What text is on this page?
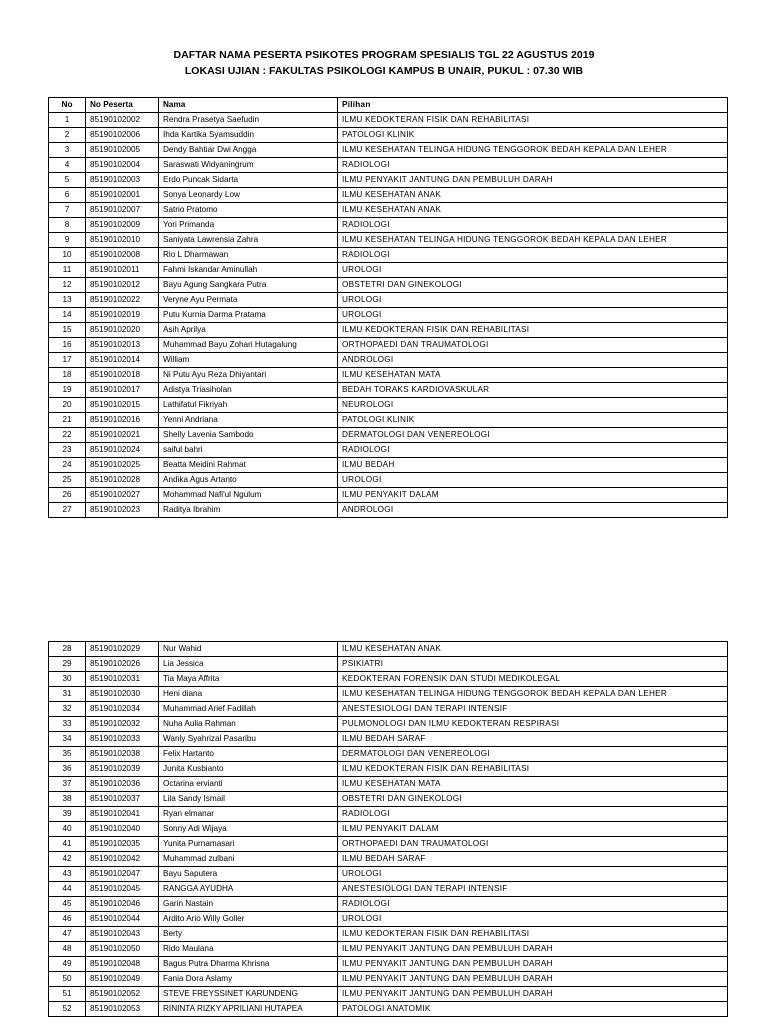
DAFTAR NAMA PESERTA PSIKOTES PROGRAM SPESIALIS TGL 22 AGUSTUS 2019
LOKASI UJIAN : FAKULTAS PSIKOLOGI KAMPUS B UNAIR, PUKUL : 07.30 WIB
No	No Peserta	Nama	Pilihan
1	85190102002	Rendra Prasetya Saefudin	ILMU KEDOKTERAN FISIK DAN REHABILITASI
2	85190102006	Ihda Kartika Syamsuddin	PATOLOGI KLINIK
3	85190102005	Dendy Bahtiar Dwi Angga	ILMU KESEHATAN TELINGA HIDUNG TENGGOROK BEDAH KEPALA DAN LEHER
4	85190102004	Saraswati Widyaningrum	RADIOLOGI
5	85190102003	Erdo Puncak Sidarta	ILMU PENYAKIT JANTUNG DAN PEMBULUH DARAH
6	85190102001	Sonya Leonardy Low	ILMU KESEHATAN ANAK
7	85190102007	Satrio Pratomo	ILMU KESEHATAN ANAK
8	85190102009	Yori Primanda	RADIOLOGI
9	85190102010	Saniyata Lawrensia Zahra	ILMU KESEHATAN TELINGA HIDUNG TENGGOROK BEDAH KEPALA DAN LEHER
10	85190102008	Rio L Dharmawan	RADIOLOGI
11	85190102011	Fahmi Iskandar Aminullah	UROLOGI
12	85190102012	Bayu Agung Sangkara Putra	OBSTETRI DAN GINEKOLOGI
13	85190102022	Veryne Ayu Permata	UROLOGI
14	85190102019	Putu Kurnia Darma Pratama	UROLOGI
15	85190102020	Asih Aprilya	ILMU KEDOKTERAN FISIK DAN REHABILITASI
16	85190102013	Muhammad Bayu Zohari Hutagalung	ORTHOPAEDI DAN TRAUMATOLOGI
17	85190102014	William	ANDROLOGI
18	85190102018	Ni Putu Ayu Reza Dhiyantari	ILMU KESEHATAN MATA
19	85190102017	Adistya Triasiholan	BEDAH TORAKS KARDIOVASKULAR
20	85190102015	Lathifatul Fikriyah	NEUROLOGI
21	85190102016	Yenni Andriana	PATOLOGI KLINIK
22	85190102021	Shelly Lavenia Sambodo	DERMATOLOGI DAN VENEREOLOGI
23	85190102024	saiful bahri	RADIOLOGI
24	85190102025	Beatta Meidini Rahmat	ILMU BEDAH
25	85190102028	Andika Agus Artanto	UROLOGI
26	85190102027	Mohammad Nafi'ul Ngulum	ILMU PENYAKIT DALAM
27	85190102023	Raditya Ibrahim	ANDROLOGI
28	85190102029	Nur Wahid	ILMU KESEHATAN ANAK
29	85190102026	Lia Jessica	PSIKIATRI
30	85190102031	Tia Maya Affrita	KEDOKTERAN FORENSIK DAN STUDI MEDIKOLEGAL
31	85190102030	Heni diana	ILMU KESEHATAN TELINGA HIDUNG TENGGOROK BEDAH KEPALA DAN LEHER
32	85190102034	Muhammad Arief Fadillah	ANESTESIOLOGI DAN TERAPI INTENSIF
33	85190102032	Nuha Aulia Rahman	PULMONOLOGI DAN ILMU KEDOKTERAN RESPIRASI
34	85190102033	Wanly Syahrizal Pasaribu	ILMU BEDAH SARAF
35	85190102038	Felix Hartanto	DERMATOLOGI DAN VENEREOLOGI
36	85190102039	Junita Kusbianto	ILMU KEDOKTERAN FISIK DAN REHABILITASI
37	85190102036	Octarina ervianti	ILMU KESEHATAN MATA
38	85190102037	Lila Sandy Ismail	OBSTETRI DAN GINEKOLOGI
39	85190102041	Ryan elmanar	RADIOLOGI
40	85190102040	Sonny Adi Wijaya	ILMU PENYAKIT DALAM
41	85190102035	Yunita Purnamasari	ORTHOPAEDI DAN TRAUMATOLOGI
42	85190102042	Muhammad zulbani	ILMU BEDAH SARAF
43	85190102047	Bayu Saputera	UROLOGI
44	85190102045	RANGGA AYUDHA	ANESTESIOLOGI DAN TERAPI INTENSIF
45	85190102046	Garin Nastain	RADIOLOGI
46	85190102044	Ardito Ario Willy Goller	UROLOGI
47	85190102043	Berty	ILMU KEDOKTERAN FISIK DAN REHABILITASI
48	85190102050	Rido Maulana	ILMU PENYAKIT JANTUNG DAN PEMBULUH DARAH
49	85190102048	Bagus Putra Dharma Khrisna	ILMU PENYAKIT JANTUNG DAN PEMBULUH DARAH
50	85190102049	Fania Dora Aslamy	ILMU PENYAKIT JANTUNG DAN PEMBULUH DARAH
51	85190102052	STEVE FREYSSINET KARUNDENG	ILMU PENYAKIT JANTUNG DAN PEMBULUH DARAH
52	85190102053	RININTA RIZKY APRILIANI HUTAPEA	PATOLOGI ANATOMIK
